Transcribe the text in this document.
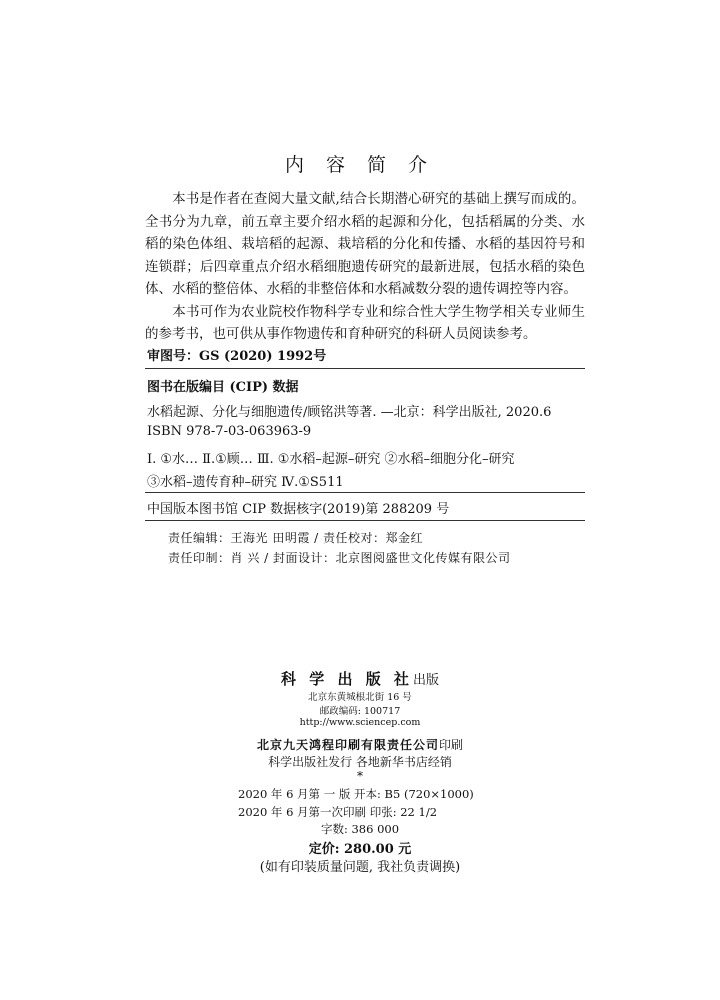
内 容 简 介

本书是作者在查阅大量文献,结合长期潜心研究的基础上撰写而成的。全书分为九章，前五章主要介绍水稻的起源和分化，包括稻属的分类、水稻的染色体组、栽培稻的起源、栽培稻的分化和传播、水稻的基因符号和连锁群；后四章重点介绍水稻细胞遗传研究的最新进展，包括水稻的染色体、水稻的整倍体、水稻的非整倍体和水稻减数分裂的遗传调控等内容。

本书可作为农业院校作物科学专业和综合性大学生物学相关专业师生的参考书，也可供从事作物遗传和育种研究的科研人员阅读参考。

审图号：GS (2020) 1992号
图书在版编目 (CIP) 数据
水稻起源、分化与细胞遗传/顾铭洪等著. —北京：科学出版社, 2020.6
ISBN 978-7-03-063963-9
Ⅰ. ①水… Ⅱ.①顾… Ⅲ. ①水稻–起源–研究 ②水稻–细胞分化–研究
③水稻–遗传育种–研究 Ⅳ.①S511
中国版本图书馆 CIP 数据核字(2019)第 288209 号
责任编辑：王海光 田明霞 / 责任校对：郑金红
责任印制：肖 兴 / 封面设计：北京图阅盛世文化传媒有限公司
科 学 出 版 社出版
北京东黄城根北街 16 号
邮政编码: 100717
http://www.sciencep.com
北京九天鸿程印刷有限责任公司印刷
科学出版社发行 各地新华书店经销
*
2020 年 6 月第 一 版 开本: B5 (720×1000)
2020 年 6 月第一次印刷 印张: 22 1/2
字数: 386 000
定价: 280.00 元
(如有印装质量问题, 我社负责调换)
